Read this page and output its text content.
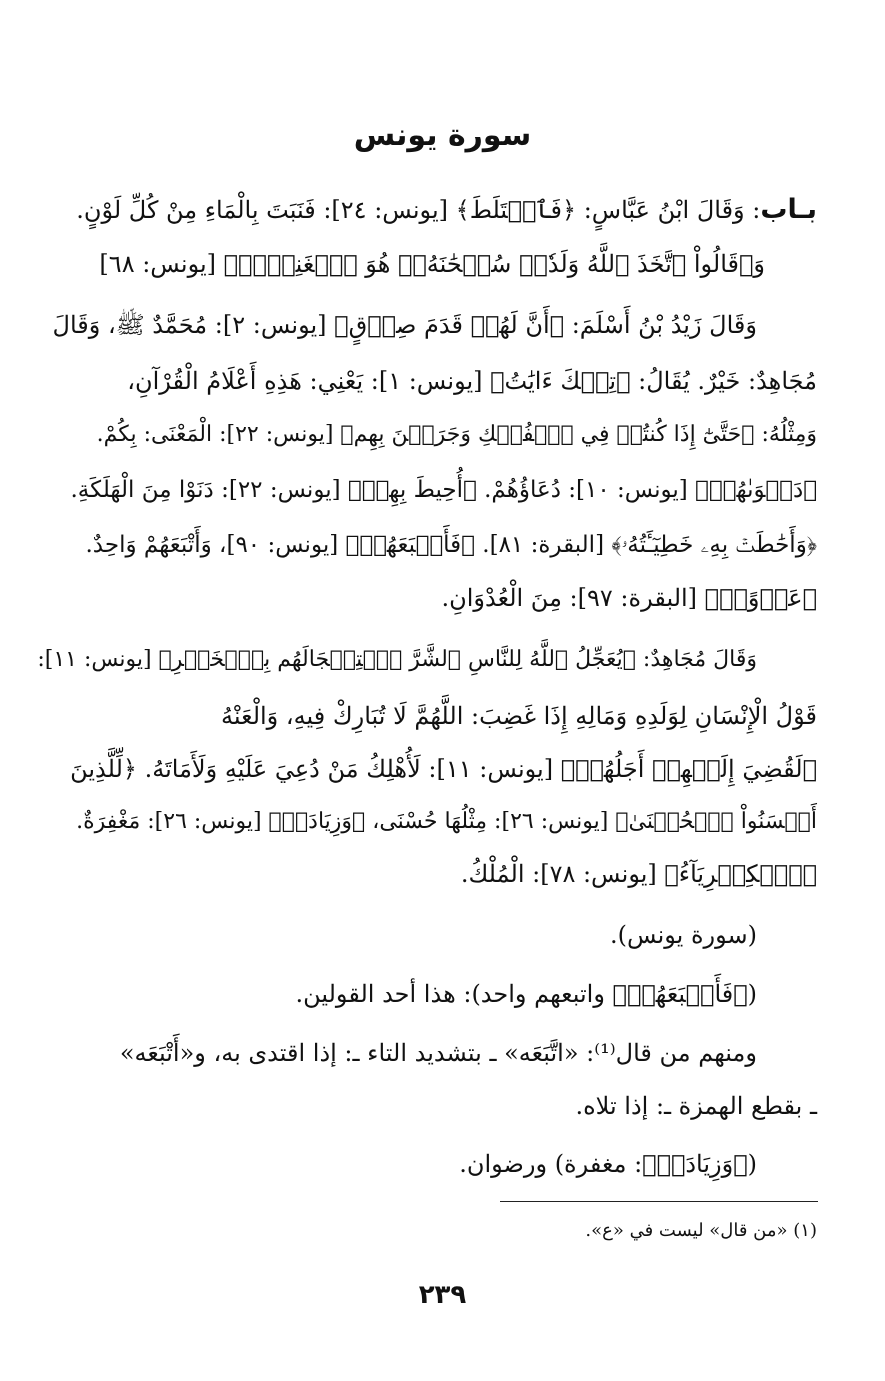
سورة يونس
بـاب: وَقَالَ ابْنُ عَبَّاسٍ: ﴿فَٱخۡتَلَطَ﴾ [يونس: ٢٤]: فَنَبَتَ بِالْمَاءِ مِنْ كُلِّ لَوْنٍ.
وَ﴿قَالُواْ ٱتَّخَذَ ٱللَّهُ وَلَدٗاۗ سُبۡحَٰنَهُۥۖ هُوَ ٱلۡغَنِيُّۖ﴾ [يونس: ٦٨]
وَقَالَ زَيْدُ بْنُ أَسْلَمَ: ﴿أَنَّ لَهُمۡ قَدَمَ صِدۡقٍ﴾ [يونس: ٢]: مُحَمَّدٌ ﷺ، وَقَالَ
مُجَاهِدٌ: خَيْرٌ. يُقَالُ: ﴿تِلۡكَ ءَايَٰتُ﴾ [يونس: ١]: يَعْنِي: هَذِهِ أَعْلَامُ الْقُرْآنِ،
وَمِثْلُهُ: ﴿حَتَّىٰٓ إِذَا كُنتُمۡ فِي ٱلۡفُلۡكِ وَجَرَيۡنَ بِهِم﴾ [يونس: ٢٢]: الْمَعْنَى: بِكُمْ.
﴿دَعۡوَىٰهُمۡ﴾ [يونس: ١٠]: دُعَاؤُهُمْ. ﴿أُحِيطَ بِهِمۡ﴾ [يونس: ٢٢]: دَنَوْا مِنَ الْهَلَكَةِ.
﴿وَأَحَٰطَتۡ بِهِۦ خَطِيٓـَٔتُهُۥ﴾ [البقرة: ٨١]. ﴿فَأَتۡبَعَهُمۡ﴾ [يونس: ٩٠]، وَأَتْبَعَهُمْ وَاحِدٌ.
﴿عَدۡوًاۚ﴾ [البقرة: ٩٧]: مِنَ الْعُدْوَانِ.
وَقَالَ مُجَاهِدٌ: ﴿يُعَجِّلُ ٱللَّهُ لِلنَّاسِ ٱلشَّرَّ ٱسۡتِعۡجَالَهُم بِٱلۡخَيۡرِ﴾ [يونس: ١١]:
قَوْلُ الْإِنْسَانِ لِوَلَدِهِ وَمَالِهِ إِذَا غَضِبَ: اللَّهُمَّ لَا تُبَارِكْ فِيهِ، وَالْعَنْهُ
﴿لَقُضِيَ إِلَيۡهِمۡ أَجَلُهُمۡ﴾ [يونس: ١١]: لَأُهْلِكُ مَنْ دُعِيَ عَلَيْهِ وَلَأَمَاتَهُ. ﴿لِّلَّذِينَ
أَحۡسَنُواْ ٱلۡحُسۡنَىٰ﴾ [يونس: ٢٦]: مِثْلُهَا حُسْنَى، ﴿وَزِيَادَةٞ﴾ [يونس: ٢٦]: مَغْفِرَةٌ.
﴿ٱلۡكِبۡرِيَآءُ﴾ [يونس: ٧٨]: الْمُلْكُ.
(سورة يونس).
(﴿فَأَتۡبَعَهُمۡ﴾ واتبعهم واحد): هذا أحد القولين.
ومنهم من قال⁽¹⁾: «اتَّبَعَه» ـ بتشديد التاء ـ: إذا اقتدى به، و«أَتْبَعَه»
ـ بقطع الهمزة ـ: إذا تلاه.
(﴿وَزِيَادَةٞ﴾: مغفرة) ورضوان.
(١) «من قال» ليست في «ع».
٢٣٩
